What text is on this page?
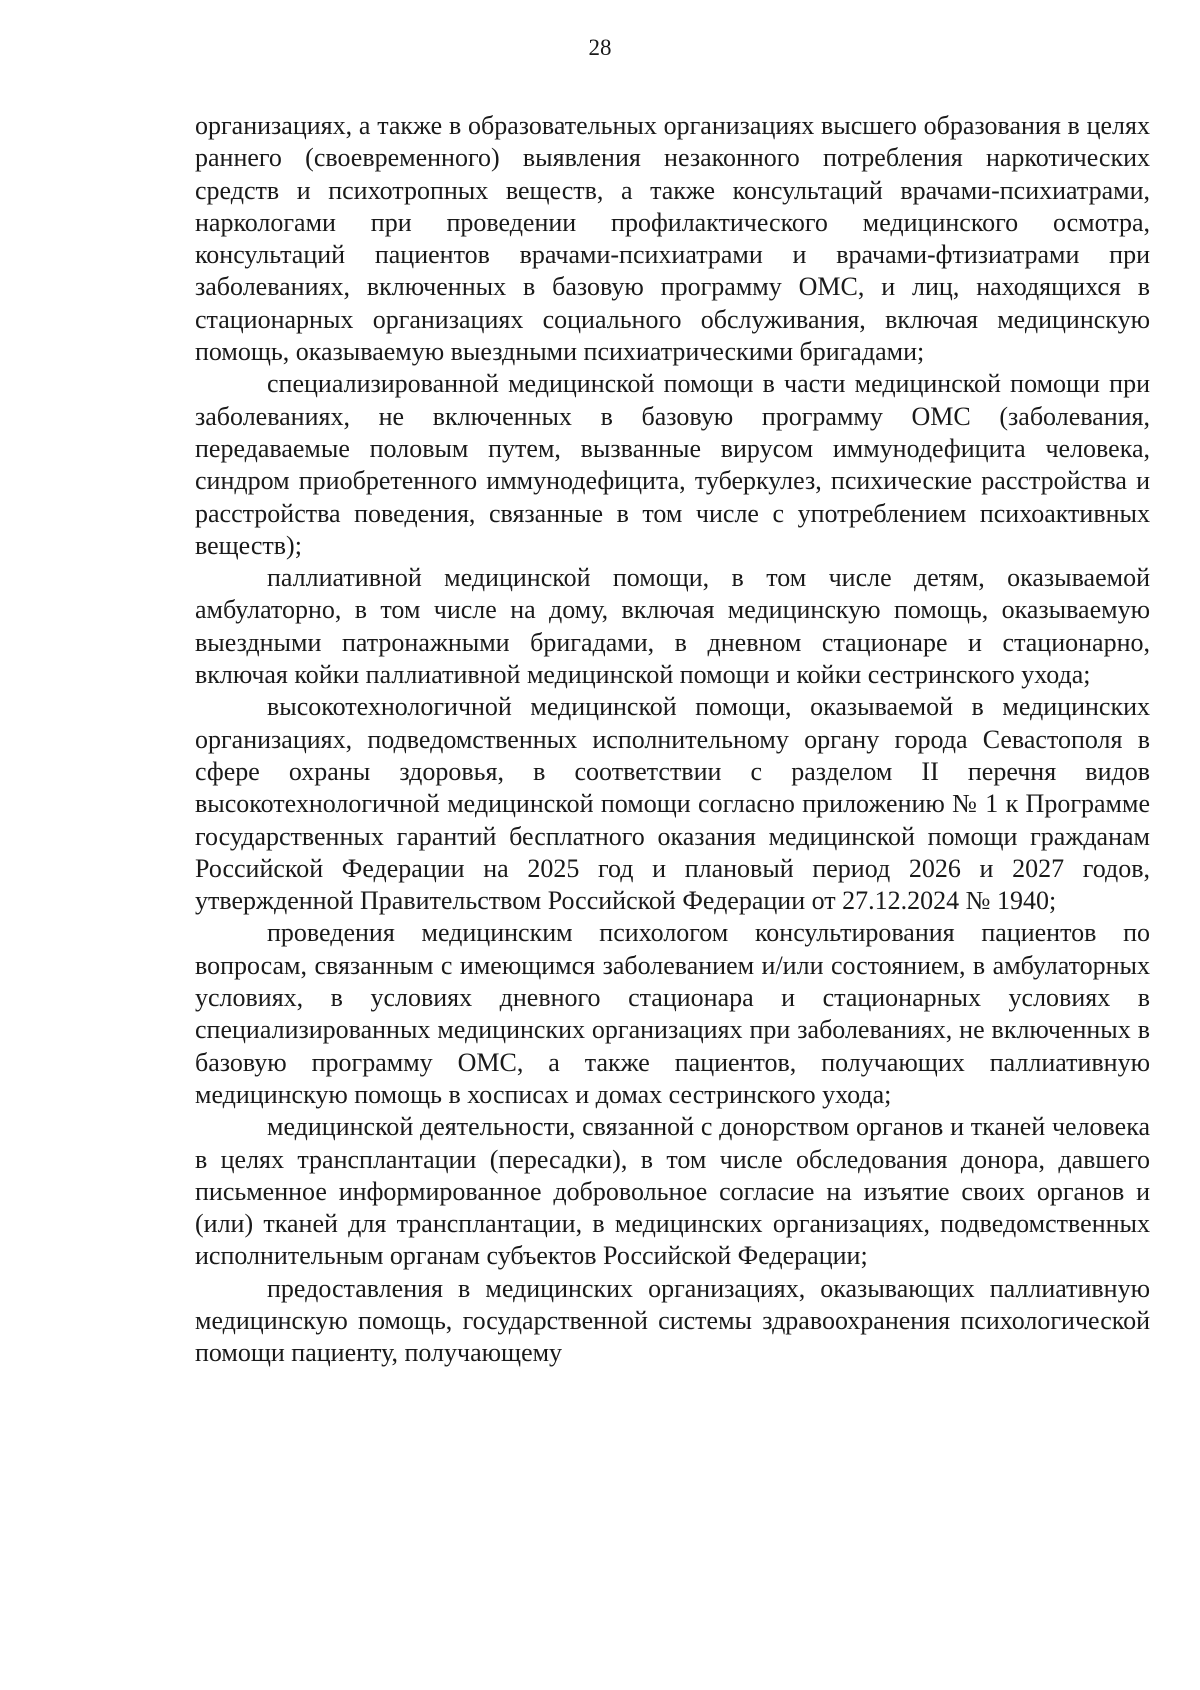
28

организациях, а также в образовательных организациях высшего образования в целях раннего (своевременного) выявления незаконного потребления наркотических средств и психотропных веществ, а также консультаций врачами-психиатрами, наркологами при проведении профилактического медицинского осмотра, консультаций пациентов врачами-психиатрами и врачами-фтизиатрами при заболеваниях, включенных в базовую программу ОМС, и лиц, находящихся в стационарных организациях социального обслуживания, включая медицинскую помощь, оказываемую выездными психиатрическими бригадами;

специализированной медицинской помощи в части медицинской помощи при заболеваниях, не включенных в базовую программу ОМС (заболевания, передаваемые половым путем, вызванные вирусом иммунодефицита человека, синдром приобретенного иммунодефицита, туберкулез, психические расстройства и расстройства поведения, связанные в том числе с употреблением психоактивных веществ);

паллиативной медицинской помощи, в том числе детям, оказываемой амбулаторно, в том числе на дому, включая медицинскую помощь, оказываемую выездными патронажными бригадами, в дневном стационаре и стационарно, включая койки паллиативной медицинской помощи и койки сестринского ухода;

высокотехнологичной медицинской помощи, оказываемой в медицинских организациях, подведомственных исполнительному органу города Севастополя в сфере охраны здоровья, в соответствии с разделом II перечня видов высокотехнологичной медицинской помощи согласно приложению № 1 к Программе государственных гарантий бесплатного оказания медицинской помощи гражданам Российской Федерации на 2025 год и плановый период 2026 и 2027 годов, утвержденной Правительством Российской Федерации от 27.12.2024 № 1940;

проведения медицинским психологом консультирования пациентов по вопросам, связанным с имеющимся заболеванием и/или состоянием, в амбулаторных условиях, в условиях дневного стационара и стационарных условиях в специализированных медицинских организациях при заболеваниях, не включенных в базовую программу ОМС, а также пациентов, получающих паллиативную медицинскую помощь в хосписах и домах сестринского ухода;

медицинской деятельности, связанной с донорством органов и тканей человека в целях трансплантации (пересадки), в том числе обследования донора, давшего письменное информированное добровольное согласие на изъятие своих органов и (или) тканей для трансплантации, в медицинских организациях, подведомственных исполнительным органам субъектов Российской Федерации;

предоставления в медицинских организациях, оказывающих паллиативную медицинскую помощь, государственной системы здравоохранения психологической помощи пациенту, получающему
